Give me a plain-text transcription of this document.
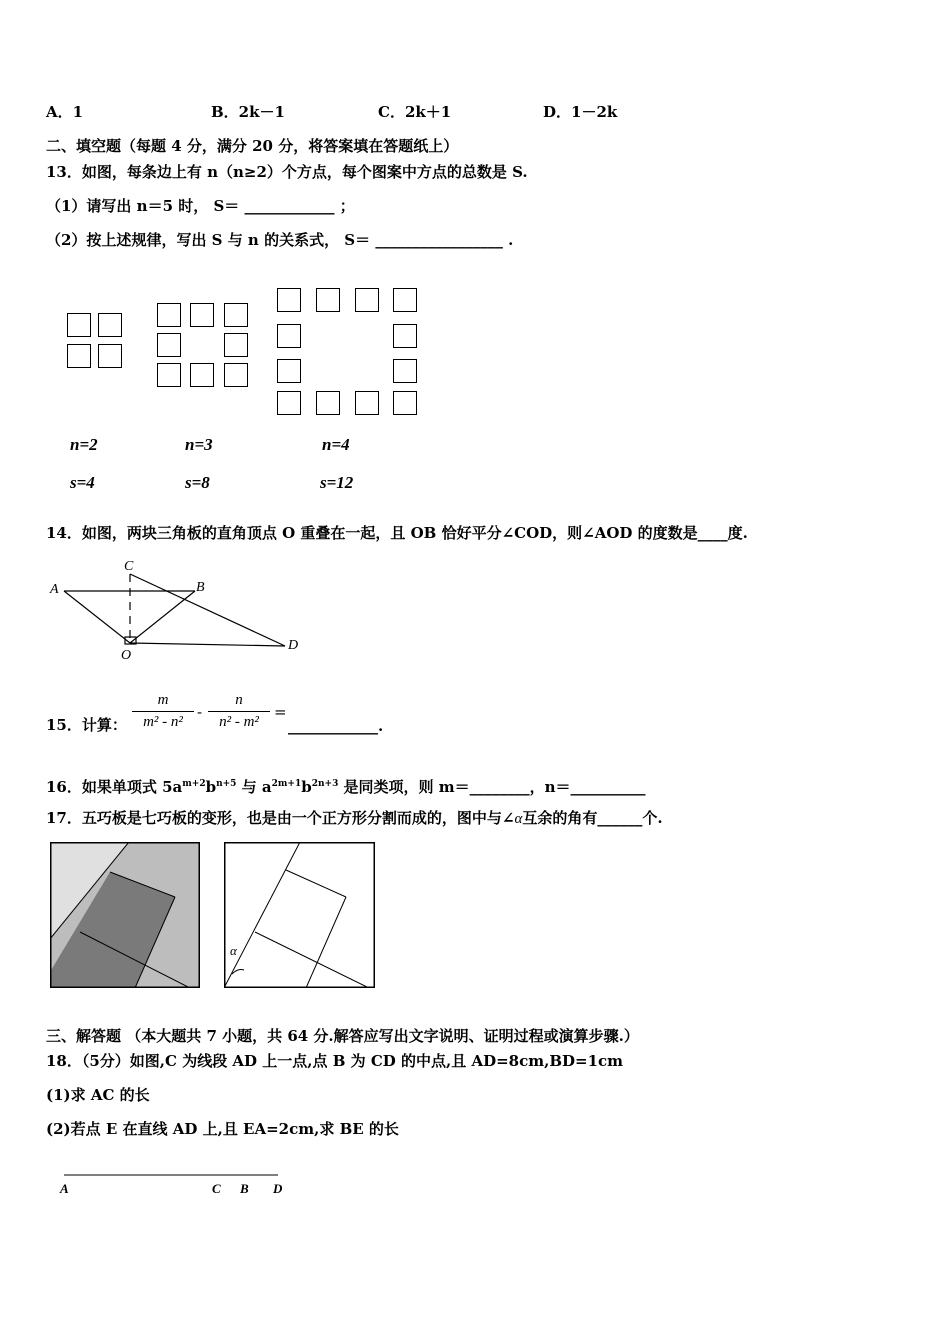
A．1	B．2k－1	C．2k＋1	D．1－2k
二、填空题（每题 4 分，满分 20 分，将答案填在答题纸上）
13．如图，每条边上有 n（n≥2）个方点，每个图案中方点的总数是 S.
（1）请写出 n＝5 时， S＝ ____________ ；
（2）按上述规律，写出 S 与 n 的关系式， S＝ _________________ .
n=2	n=3	n=4
s=4	s=8	s=12
14．如图，两块三角板的直角顶点 O 重叠在一起，且 OB 恰好平分∠COD，则∠AOD 的度数是____度.
A	B
C
D
O
15．计算： $\frac{m}{\text{m² - n²}} - \frac{n}{\text{n² - m²}}$ =
____________.
16．如果单项式 $5a^{m+2}b^{n+5}$ 与 $a^{2m+1}b^{2n+3}$ 是同类项，则 m＝________，n＝__________
17．五巧板是七巧板的变形，也是由一个正方形分割而成的，图中与∠α互余的角有______个.
α
三、解答题 （本大题共 7 小题，共 64 分.解答应写出文字说明、证明过程或演算步骤.）
18．（5分）如图,C 为线段 AD 上一点,点 B 为 CD 的中点,且 AD=8cm,BD=1cm
(1)求 AC 的长
(2)若点 E 在直线 AD 上,且 EA=2cm,求 BE 的长
A	C B D
